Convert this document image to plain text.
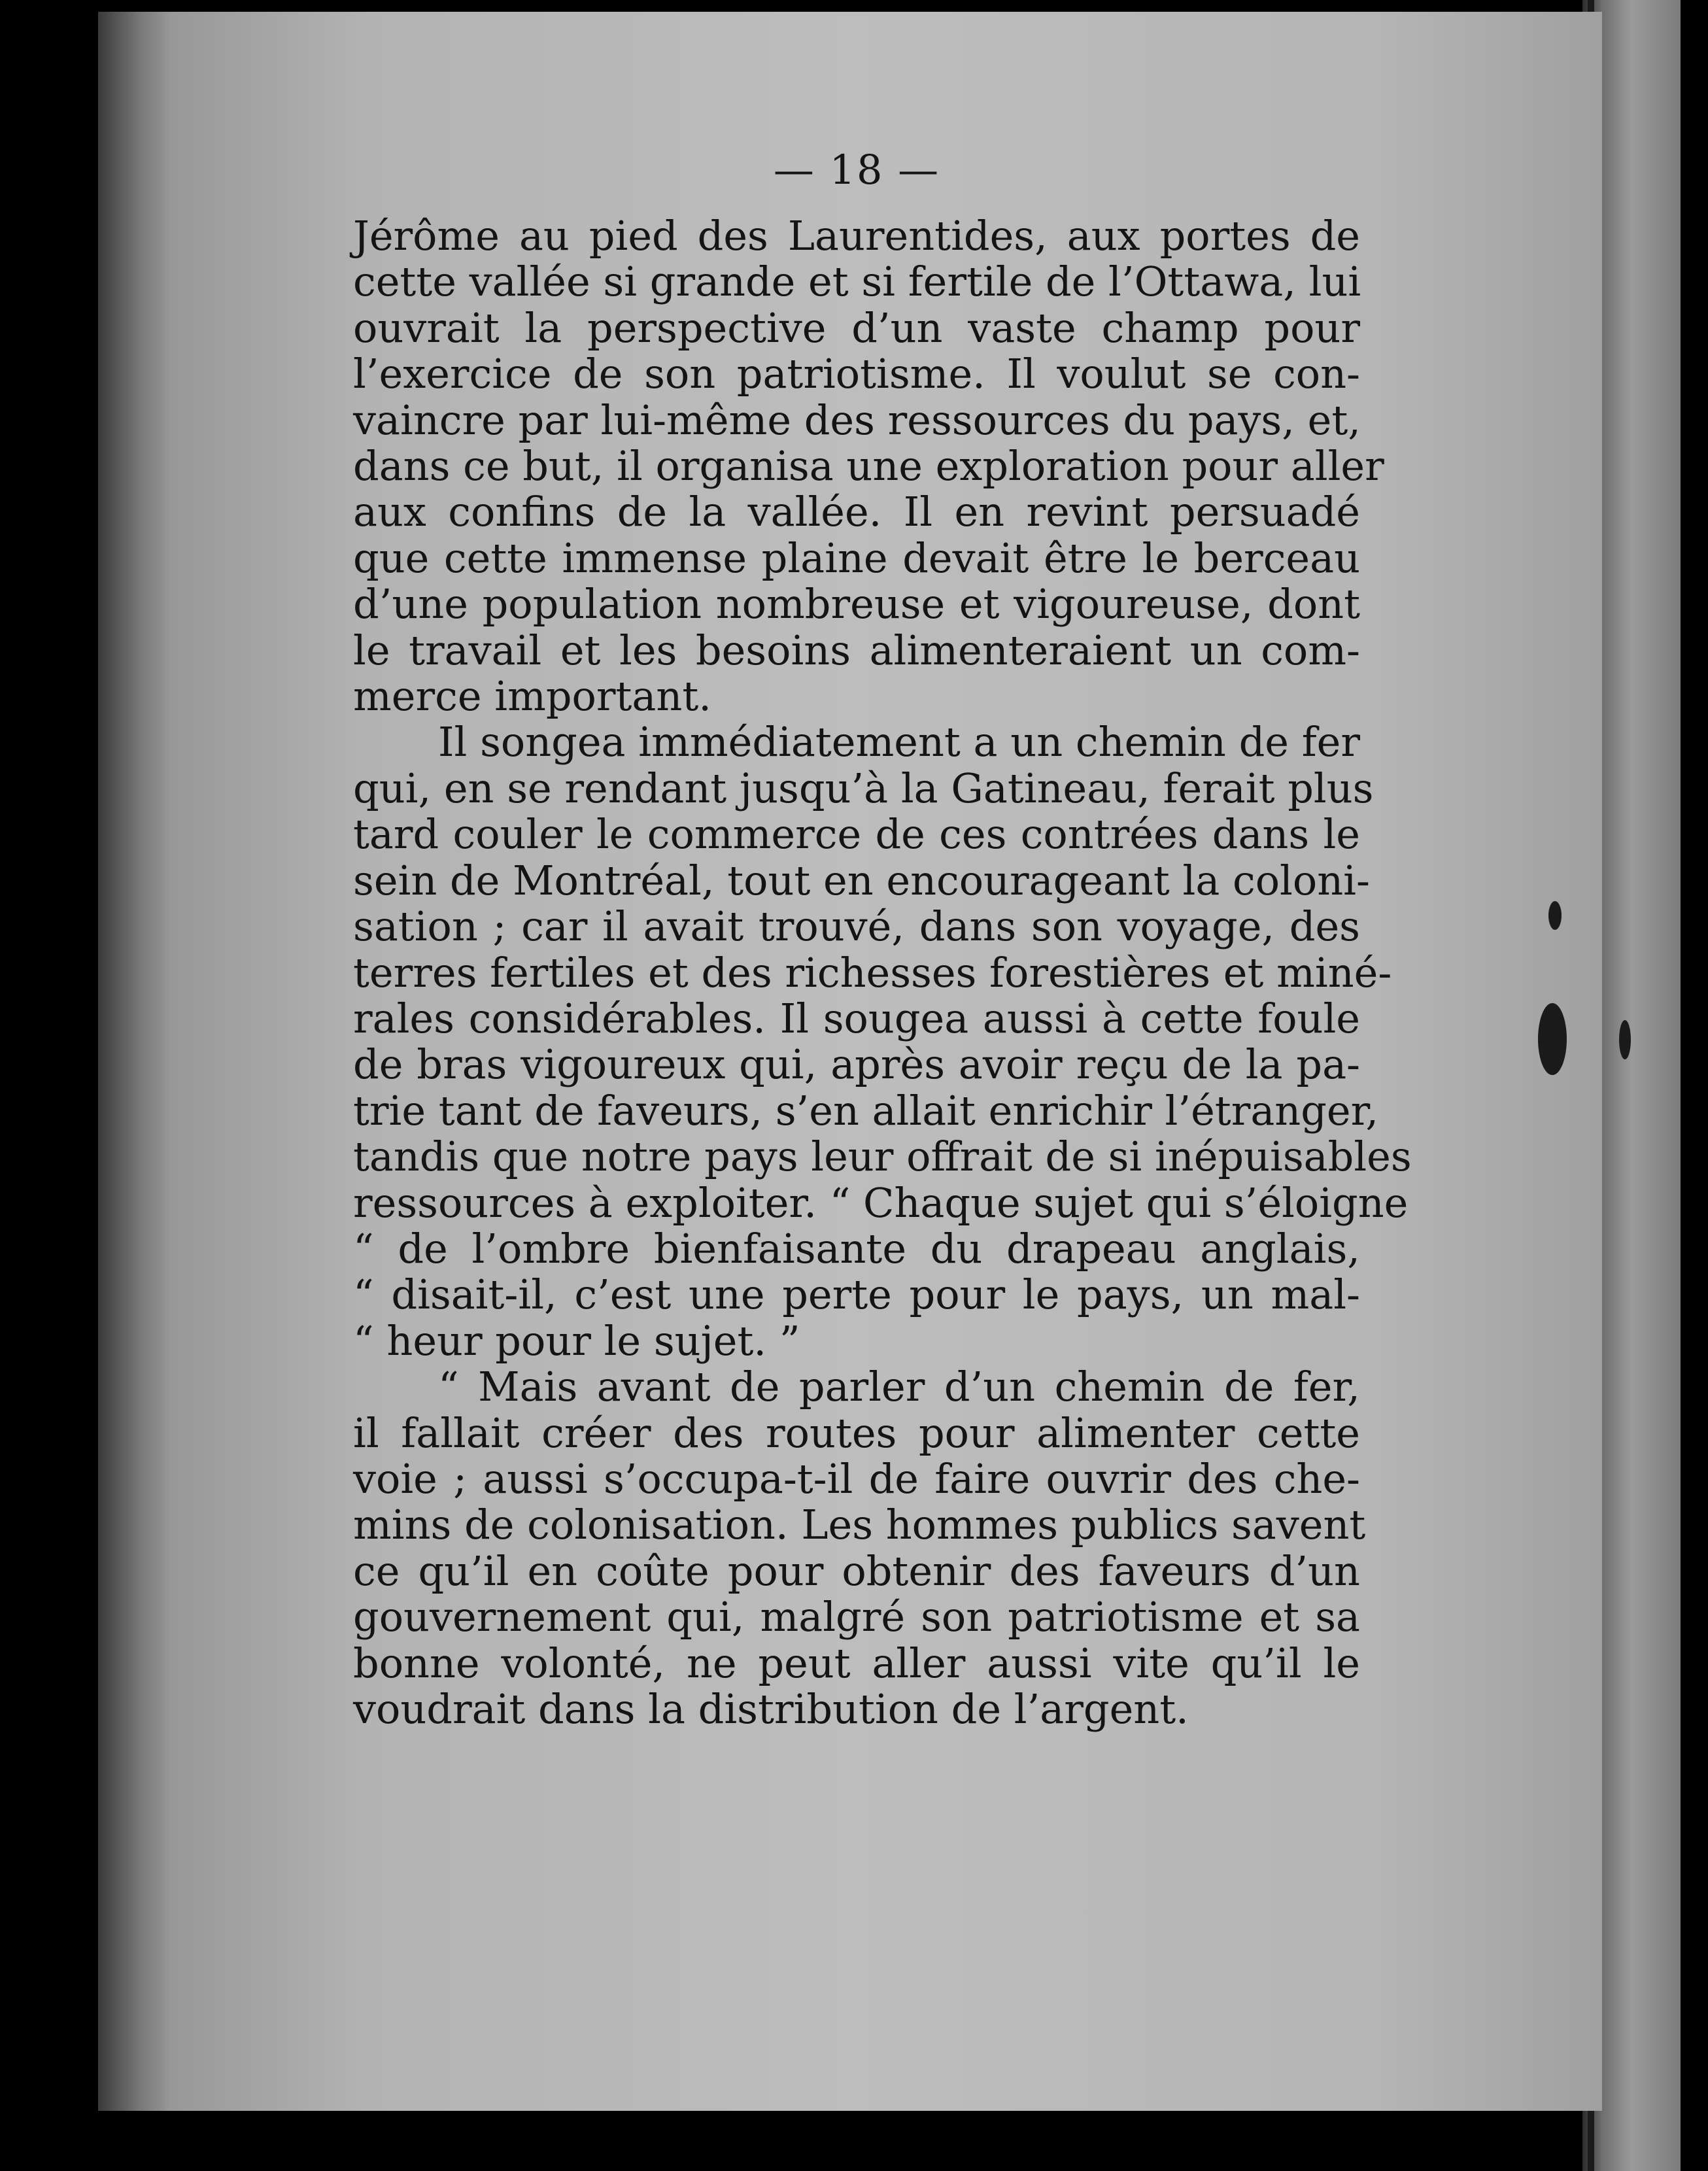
— 18 —
Jérôme au pied des Laurentides, aux portes de
cette vallée si grande et si fertile de l’Ottawa, lui
ouvrait la perspective d’un vaste champ pour
l’exercice de son patriotisme. Il voulut se con-
vaincre par lui-même des ressources du pays, et,
dans ce but, il organisa une exploration pour aller
aux confins de la vallée. Il en revint persuadé
que cette immense plaine devait être le berceau
d’une population nombreuse et vigoureuse, dont
le travail et les besoins alimenteraient un com-
merce important.
Il songea immédiatement a un chemin de fer
qui, en se rendant jusqu’à la Gatineau, ferait plus
tard couler le commerce de ces contrées dans le
sein de Montréal, tout en encourageant la coloni-
sation ; car il avait trouvé, dans son voyage, des
terres fertiles et des richesses forestières et miné-
rales considérables. Il sougea aussi à cette foule
de bras vigoureux qui, après avoir reçu de la pa-
trie tant de faveurs, s’en allait enrichir l’étranger,
tandis que notre pays leur offrait de si inépuisables
ressources à exploiter. “ Chaque sujet qui s’éloigne
“ de l’ombre bienfaisante du drapeau anglais,
“ disait-il, c’est une perte pour le pays, un mal-
“ heur pour le sujet. ”
“ Mais avant de parler d’un chemin de fer,
il fallait créer des routes pour alimenter cette
voie ; aussi s’occupa-t-il de faire ouvrir des che-
mins de colonisation. Les hommes publics savent
ce qu’il en coûte pour obtenir des faveurs d’un
gouvernement qui, malgré son patriotisme et sa
bonne volonté, ne peut aller aussi vite qu’il le
voudrait dans la distribution de l’argent.
